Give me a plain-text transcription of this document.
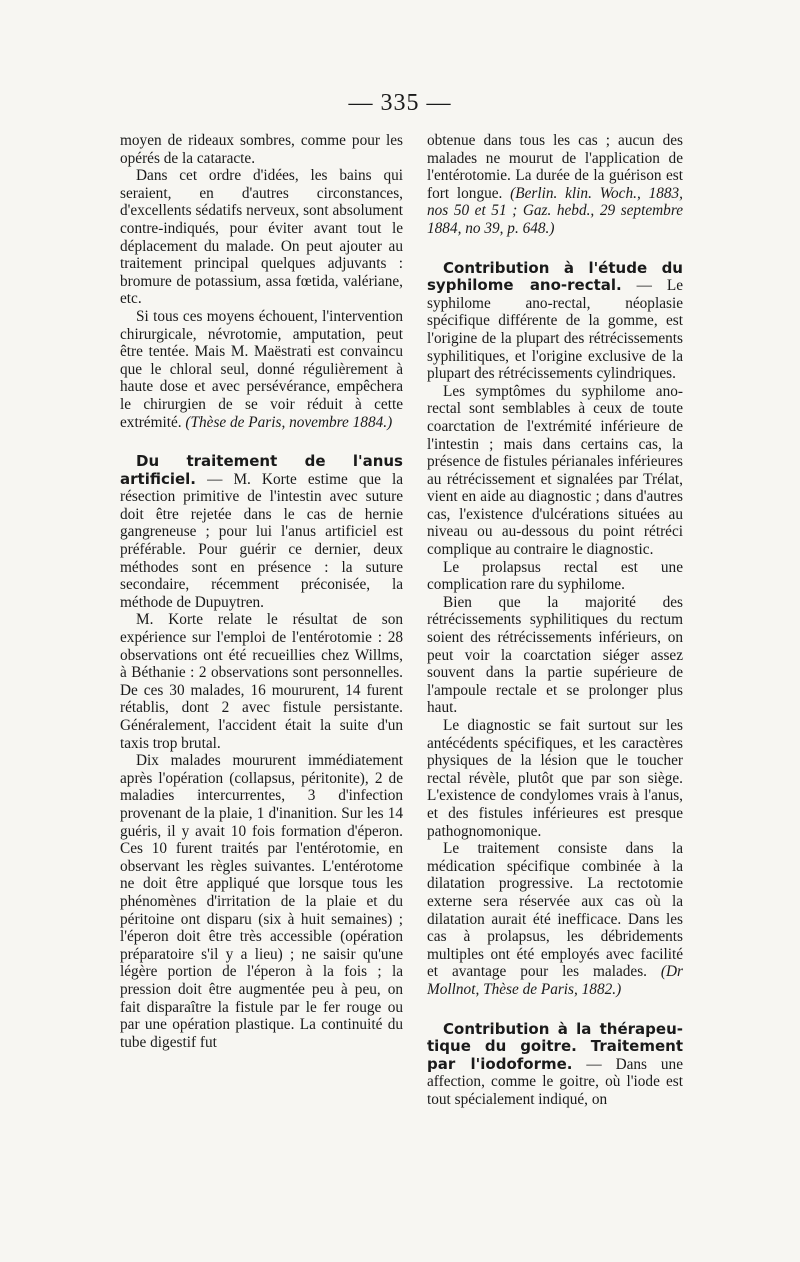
— 335 —

moyen de rideaux sombres, comme pour les opérés de la cataracte.

Dans cet ordre d'idées, les bains qui seraient, en d'autres circonstances, d'excellents sédatifs nerveux, sont absolument contre-indiqués, pour éviter avant tout le déplacement du malade. On peut ajouter au traitement principal quelques adjuvants : bromure de potassium, assa fœtida, valériane, etc.

Si tous ces moyens échouent, l'intervention chirurgicale, névrotomie, amputation, peut être tentée. Mais M. Maëstrati est convaincu que le chloral seul, donné régulièrement à haute dose et avec persévérance, empêchera le chirurgien de se voir réduit à cette extrémité. (Thèse de Paris, novembre 1884.)

Du traitement de l'anus artificiel. — M. Korte estime que la résection primitive de l'intestin avec suture doit être rejetée dans le cas de hernie gangreneuse ; pour lui l'anus artificiel est préférable. Pour guérir ce dernier, deux méthodes sont en présence : la suture secondaire, récemment préconisée, la méthode de Dupuytren.

M. Korte relate le résultat de son expérience sur l'emploi de l'entérotomie : 28 observations ont été recueillies chez Willms, à Béthanie : 2 observations sont personnelles. De ces 30 malades, 16 moururent, 14 furent rétablis, dont 2 avec fistule persistante. Généralement, l'accident était la suite d'un taxis trop brutal.

Dix malades moururent immédiatement après l'opération (collapsus, péritonite), 2 de maladies intercurrentes, 3 d'infection provenant de la plaie, 1 d'inanition. Sur les 14 guéris, il y avait 10 fois formation d'éperon. Ces 10 furent traités par l'entérotomie, en observant les règles suivantes. L'entérotome ne doit être appliqué que lorsque tous les phénomènes d'irritation de la plaie et du péritoine ont disparu (six à huit semaines) ; l'éperon doit être très accessible (opération préparatoire s'il y a lieu) ; ne saisir qu'une légère portion de l'éperon à la fois ; la pression doit être augmentée peu à peu, on fait disparaître la fistule par le fer rouge ou par une opération plastique. La continuité du tube digestif fut

obtenue dans tous les cas ; aucun des malades ne mourut de l'application de l'entérotomie. La durée de la guérison est fort longue. (Berlin. klin. Woch., 1883, nos 50 et 51 ; Gaz. hebd., 29 septembre 1884, no 39, p. 648.)

Contribution à l'étude du syphilome ano-rectal. — Le syphilome ano-rectal, néoplasie spécifique différente de la gomme, est l'origine de la plupart des rétrécissements syphilitiques, et l'origine exclusive de la plupart des rétrécissements cylindriques.

Les symptômes du syphilome ano-rectal sont semblables à ceux de toute coarctation de l'extrémité inférieure de l'intestin ; mais dans certains cas, la présence de fistules périanales inférieures au rétrécissement et signalées par Trélat, vient en aide au diagnostic ; dans d'autres cas, l'existence d'ulcérations situées au niveau ou au-dessous du point rétréci complique au contraire le diagnostic.

Le prolapsus rectal est une complication rare du syphilome.

Bien que la majorité des rétrécissements syphilitiques du rectum soient des rétrécissements inférieurs, on peut voir la coarctation siéger assez souvent dans la partie supérieure de l'ampoule rectale et se prolonger plus haut.

Le diagnostic se fait surtout sur les antécédents spécifiques, et les caractères physiques de la lésion que le toucher rectal révèle, plutôt que par son siège. L'existence de condylomes vrais à l'anus, et des fistules inférieures est presque pathognomonique.

Le traitement consiste dans la médication spécifique combinée à la dilatation progressive. La rectotomie externe sera réservée aux cas où la dilatation aurait été inefficace. Dans les cas à prolapsus, les débridements multiples ont été employés avec facilité et avantage pour les malades. (Dr Mollnot, Thèse de Paris, 1882.)

Contribution à la thérapeu- tique du goitre. Traitement par l'iodoforme. — Dans une affection, comme le goitre, où l'iode est tout spécialement indiqué, on
